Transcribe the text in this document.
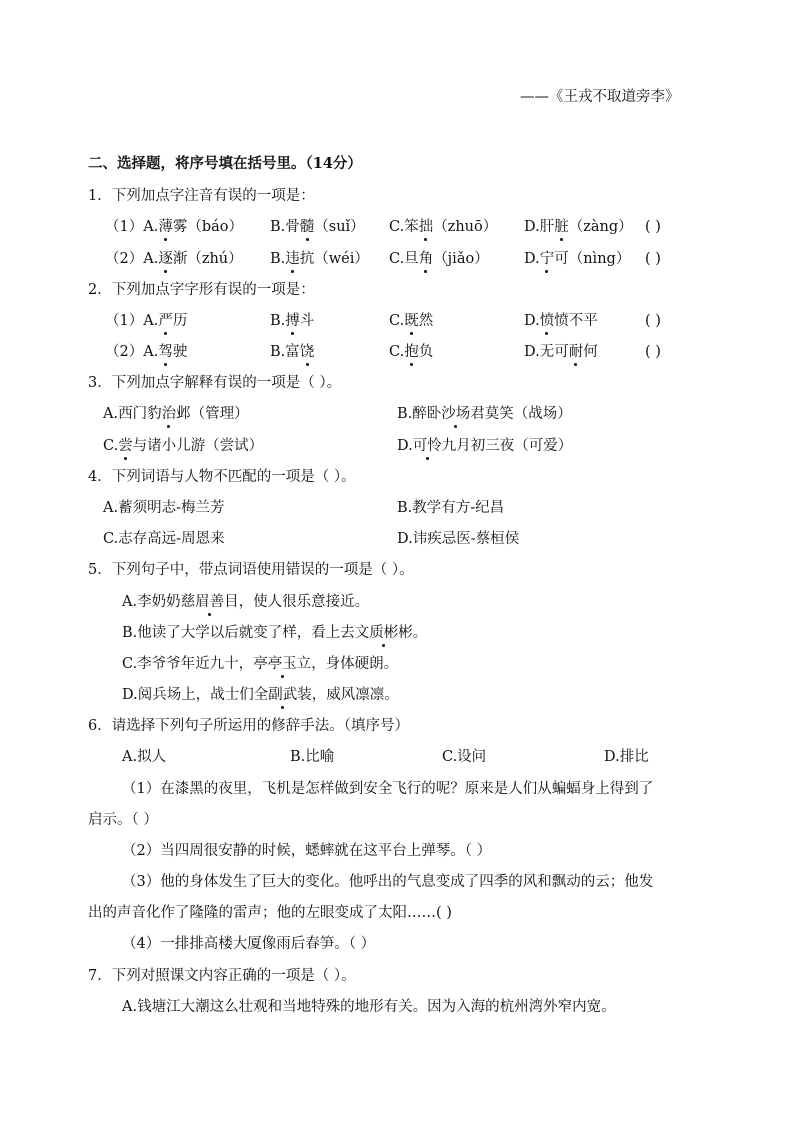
——《王戎不取道旁李》
二、选择题，将序号填在括号里。（14分）
1．下列加点字注音有误的一项是：
（1）A.薄雾（báo） B.骨髓（suǐ） C.笨拙（zhuō） D.肝脏（zàng） ( )
（2）A.逐渐（zhú） B.违抗（wéi） C.旦角（jiǎo） D.宁可（nìng） ( )
2．下列加点字字形有误的一项是：
（1）A.严历	B.搏斗	C.既然	D.愤愤不平	( )
（2）A.驾驶	B.富饶	C.抱负	D.无可耐何	( )
3．下列加点字解释有误的一项是（ ）。
A.西门豹治邺（管理）	B.醉卧沙场君莫笑（战场）
C.尝与诸小儿游（尝试）	D.可怜九月初三夜（可爱）
4．下列词语与人物不匹配的一项是（ ）。
A.蓄须明志-梅兰芳	B.教学有方-纪昌
C.志存高远-周恩来	D.讳疾忌医-蔡桓侯
5．下列句子中，带点词语使用错误的一项是（ ）。
A.李奶奶慈眉善目，使人很乐意接近。
B.他读了大学以后就变了样，看上去文质彬彬。
C.李爷爷年近九十，亭亭玉立，身体硬朗。
D.阅兵场上，战士们全副武装，威风凛凛。
6．请选择下列句子所运用的修辞手法。（填序号）
A.拟人	B.比喻	C.设问	D.排比
（1）在漆黑的夜里，飞机是怎样做到安全飞行的呢？原来是人们从蝙蝠身上得到了
启示。（ ）
（2）当四周很安静的时候，蟋蟀就在这平台上弹琴。（ ）
（3）他的身体发生了巨大的变化。他呼出的气息变成了四季的风和飘动的云；他发
出的声音化作了隆隆的雷声；他的左眼变成了太阳……( )
（4）一排排高楼大厦像雨后春笋。（ ）
7．下列对照课文内容正确的一项是（ ）。
A.钱塘江大潮这么壮观和当地特殊的地形有关。因为入海的杭州湾外窄内宽。
